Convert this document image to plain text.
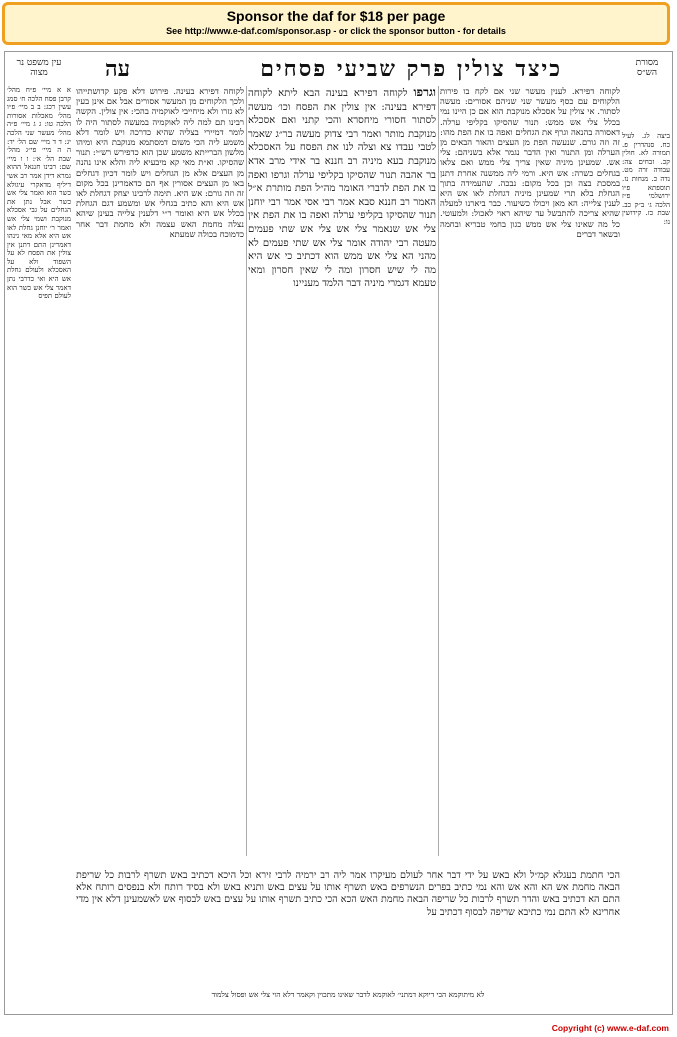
Sponsor the daf for $18 per page
See http://www.e-daf.com/sponsor.asp - or click the sponsor button - for details
מסורת הש״ס
כיצד צולין פרק שביעי פסחים
עה
עין משפט נר מצוה

ביצה לג. לעיל כח. סנהדרין פ. תמורה לא. חולין קכ. זבחים צה: עבודה זרה מט. נדה כ. מנחות נז. תוספתא פ״ו ירושלמי פ״ז הלכה ג׳ ב״ק כב. שבת כז. קידושין נו:

לקוחה דפירא. לענין מעשר שני אם לקח בו פירות הלקוחים עם כסף מעשר שני שניהם אסורים: מעשה לסתור. אי צולין על אסכלא מנוקבת הוא אם כן היינו נמי בכלל צלי אש ממש: תנור שהסיקו בקליפי ערלה. דאסורה בהנאה וגרף את הגחלים ואפה בו את הפת מהו: זה וזה גורם. שנעשה הפת מן העצים והאור הבאים מן הערלה ומן התנור ואין הדבר נגמר אלא בשניהם: צלי אש. שמעינן מיניה שאין צריך צלי ממש ואם צלאו בגחלים כשרה: אש היא. ורמי ליה ממשנה אחרת דתנן במסכת בצה וכן בכל מקום: נבכה. שהעמידה בתוך הגחלת בלא תרי שמעינן מיניה דגחלת לאו אש היא לענין צלייה: הא מאן ויכולו כשיעור. כבר ביארנו למעלה שהיא צריכה להתבשל עד שיהא ראוי לאכול: ולמעוטי. כל מה שאינו צלי אש ממש כגון בחמי טבריא ובחמה ובשאר דברים

וגרפו לקוחה דפירא בעינה הבא ליתא לקוחה דפירא בעינה: אין צולין את הפסח וכו׳ מעשה לסתור חסורי מיחסרא והכי קתני ואם אסכלא מנוקבת מותר ואמר רבי צדוק מעשה בר״ג שאמר לטבי עבדו צא וצלה לנו את הפסח על האסכלא מנוקבת בעא מיניה רב חננא בר אידי מרב אדא בר אהבה תנור שהסיקו בקליפי ערלה וגרפו ואפה בו את הפת לדברי האומר מה״ל הפת מותרת א״ל האמר רב חננא סבא אמר רבי אסי אמר רבי יוחנן תנור שהסיקו בקליפי ערלה ואפה בו את הפת אין צלי אש שנאמר צלי אש צלי אש שתי פעמים מעטה רבי יהודה אומר צלי אש שתי פעמים לא מהני הא צלי אש ממש הוא דכתיב כי אש היא מה לי שיש חסרון ומה לי שאין חסרון ומאי טעמא דגמרי מיניה דבר הלמד מעניינו

לקוחה דפירא בעינה. פירוש דלא פקע קדושתייהו ולכך הלקוחים מן המעשר אסורים אבל אם אינן בעין לא גזרו ולא מיחייבי לאוקמיה בהכי: אין צולין. הקשה רבינו תם למה ליה לאוקמיה במעשה לסתור היה לו לומר דמיירי בצליה שהיא כדרכה ויש לומר דלא משמע ליה הכי משום דמסתמא מנוקבת היא ומיהו מלשון הברייתא משמע שכן הוא כדפירש רש״י: תנור שהסיקו. וא״ת מאי קא מיבעיא ליה והלא אינו נהנה מן העצים אלא מן הגחלים ויש לומר דכיון דגחלים באו מן העצים אסורין אף הם כדאמרינן בכל מקום זה וזה גורם: אש היא. תימה לרבינו יצחק דגחלת לאו אש היא והא כתיב בגחלי אש ומשמע דגם הגחלת בכלל אש היא ואומר ר״י דלענין צלייה בעינן שיהא נצלה מחמת האש עצמה ולא מחמת דבר אחר כדמוכח בכולה שמעתא

א א מיי׳ פ״ח מהל׳ קרבן פסח הלכה ח׳ סמג עשין רכג: ב ב מיי׳ פ״ו מהל׳ מאכלות אסורות הלכה טו: ג ג מיי׳ פ״ה מהל׳ מעשר שני הלכה יג: ד ד מיי׳ שם הל׳ יד: ה ה מיי׳ פי״ג מהל׳ שבת הל׳ א׳: ו ו מיי׳ שם: רבינו חננאל ההוא גמרא דידן אמר רב אשי דיליף מדאקרי עיגולא כשר הוא ואמר צלי אש כשר אבל נתן את הגחלים על גבי אסכלא מנוקבת ושמי צלי אש ואמר ר׳ יוחנן גחלת לאו אש היא אלא מאי נינהו דאמרינן התם דתנן אין צולין את הפסח לא על השפוד ולא על האסכלא ולעולם גחלת אש היא ואי כדרבי נתן דאמר צלי אש כשר הוא לעולם תפיס

הכי חתמת בעגלא קמ״ל ולא באש על ידי דבר אחר לעולם מעיקרו אמר ליה רב ירמיה לרבי זירא וכל היכא דכתיב באש תשרף לרבות כל שריפת הבאה מחמת אש הא והא אש והא נמי כתיב בפרים הנשרפים באש תשרף אותו על עצים באש ותניא באש ולא בסיד רותח ולא בנפסים רותח אלא התם הא דכתיב באש והדר תשרף לרבות כל שריפה הבאה מחמת האש הכא הכי כתיב תשרף אותו על עצים באש לבסוף אש לאשמעינן דלא אין מדי אחרינא לא התם נמי כתיבא שריפה לבסוף דכתיב על

לא מיתוקמא הכי דיוקא דמתני׳ לאוקמא לדבר שאינו מתכוין וקאמר דלא הוי צלי אש ופסול צלמוד
Copyright (c) www.e-daf.com
